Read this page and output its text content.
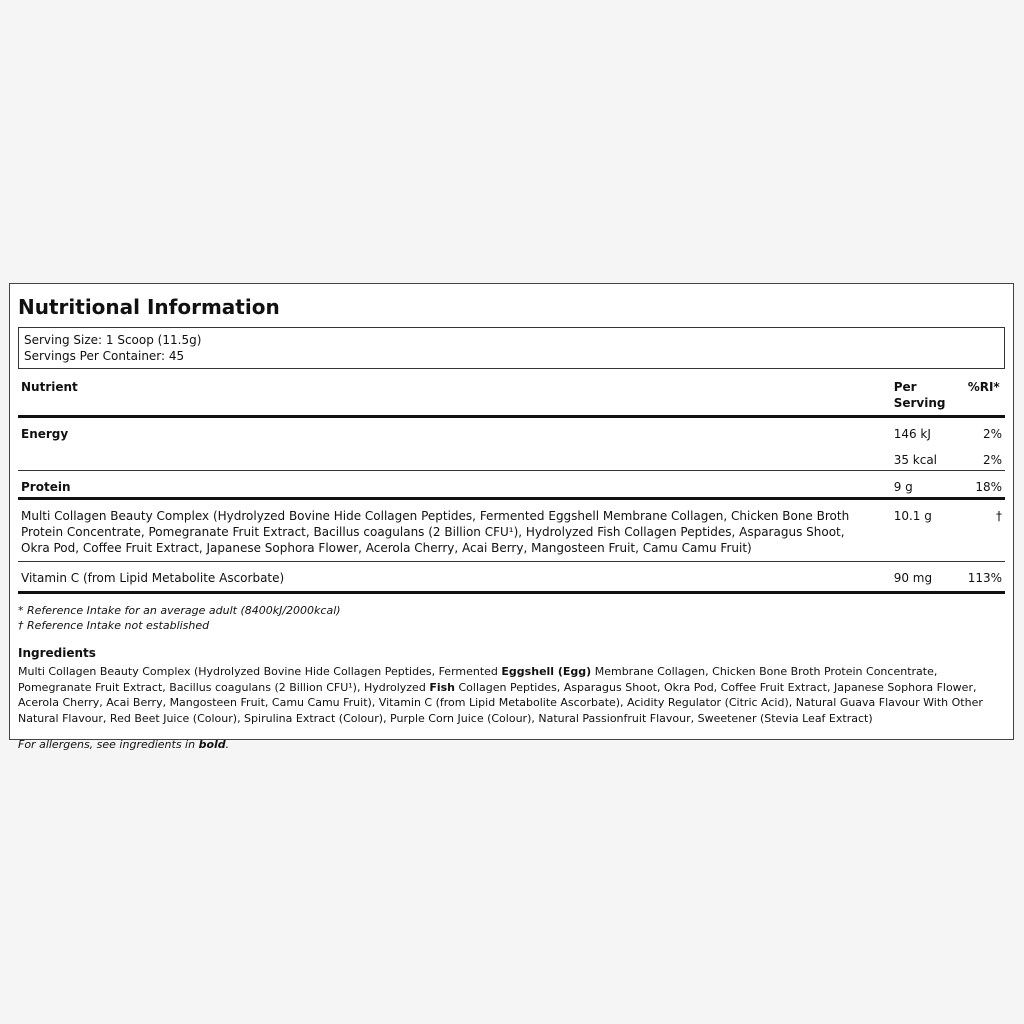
Nutritional Information
Serving Size: 1 Scoop (11.5g)
Servings Per Container: 45
Nutrient	Per Serving	%RI*
Energy	146 kJ	2%
	35 kcal	2%
Protein	9 g	18%
Multi Collagen Beauty Complex (Hydrolyzed Bovine Hide Collagen Peptides, Fermented Eggshell Membrane Collagen, Chicken Bone Broth Protein Concentrate, Pomegranate Fruit Extract, Bacillus coagulans (2 Billion CFU¹), Hydrolyzed Fish Collagen Peptides, Asparagus Shoot, Okra Pod, Coffee Fruit Extract, Japanese Sophora Flower, Acerola Cherry, Acai Berry, Mangosteen Fruit, Camu Camu Fruit)	10.1 g	†
Vitamin C (from Lipid Metabolite Ascorbate)	90 mg	113%
* Reference Intake for an average adult (8400kJ/2000kcal)
† Reference Intake not established
Ingredients
Multi Collagen Beauty Complex (Hydrolyzed Bovine Hide Collagen Peptides, Fermented Eggshell (Egg) Membrane Collagen, Chicken Bone Broth Protein Concentrate, Pomegranate Fruit Extract, Bacillus coagulans (2 Billion CFU¹), Hydrolyzed Fish Collagen Peptides, Asparagus Shoot, Okra Pod, Coffee Fruit Extract, Japanese Sophora Flower, Acerola Cherry, Acai Berry, Mangosteen Fruit, Camu Camu Fruit), Vitamin C (from Lipid Metabolite Ascorbate), Acidity Regulator (Citric Acid), Natural Guava Flavour With Other Natural Flavour, Red Beet Juice (Colour), Spirulina Extract (Colour), Purple Corn Juice (Colour), Natural Passionfruit Flavour, Sweetener (Stevia Leaf Extract)
For allergens, see ingredients in bold.
